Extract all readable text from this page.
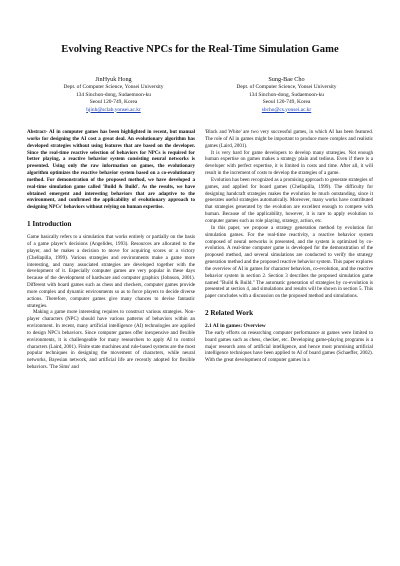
Evolving Reactive NPCs for the Real-Time Simulation Game
JinHyuk Hong
Dept. of Computer Science, Yonsei University
134 Sinchon-dong, Sudaemoon-ku
Seoul 120-749, Korea
hjinh@sclab.yonsei.ac.kr
Sung-Bae Cho
Dept. of Computer Science, Yonsei University
134 Sinchon-dong, Sudaemoon-ku
Seoul 120-749, Korea
sbcho@cs.yonsei.ac.kr

Abstract- AI in computer games has been highlighted in recent, but manual works for designing the AI cost a great deal. An evolutionary algorithm has developed strategies without using features that are based on the developer. Since the real-time reactive selection of behaviors for NPCs is required for better playing, a reactive behavior system consisting neural networks is presented. Using only the raw information on games, the evolutionary algorithm optimizes the reactive behavior system based on a co-evolutionary method. For demonstration of the proposed method, we have developed a real-time simulation game called 'Build & Build'. As the results, we have obtained emergent and interesting behaviors that are adaptive to the environment, and confirmed the applicability of evolutionary approach to designing NPCs' behaviors without relying on human expertise.

1 Introduction

Game basically refers to a simulation that works entirely or partially on the basis of a game player's decisions (Angelides, 1993). Resources are allocated to the player, and he makes a decision to move for acquiring scores or a victory (Chellapilla, 1999). Various strategies and environments make a game more interesting, and many associated strategies are developed together with the development of it. Especially computer games are very popular in these days because of the development of hardware and computer graphics (Johnson, 2001). Different with board games such as chess and checkers, computer games provide more complex and dynamic environments so as to force players to decide diverse actions. Therefore, computer games give many chances to devise fantastic strategies.

Making a game more interesting requires to construct various strategies. Non-player characters (NPC) should have various patterns of behaviors within an environment. In recent, many artificial intelligence (AI) technologies are applied to design NPC's behaviors. Since computer games offer inexpensive and flexible environments, it is challengeable for many researchers to apply AI to control characters (Laird, 2001). Finite state machines and rule-based systems are the most popular techniques in designing the movement of characters, while neural networks, Bayesian network, and artificial life are recently adopted for flexible behaviors. 'The Sims' and

'Black and White' are two very successful games, in which AI has been featured. The role of AI in games might be important to produce more complex and realistic games (Laird, 2001).

It is very hard for game developers to develop many strategies. Not enough human expertise on games makes a strategy plain and tedious. Even if there is a developer with perfect expertise, it is limited in costs and time. After all, it will result in the increment of costs to develop the strategies of a game.

Evolution has been recognized as a promising approach to generate strategies of games, and applied for board games (Chellapilla, 1999). The difficulty for designing handcraft strategies makes the evolution be much outstanding, since it generates useful strategies automatically. Moreover, many works have contributed that strategies generated by the evolution are excellent enough to compete with human. Because of the applicability, however, it is rare to apply evolution to computer games such as role playing, strategy, action, etc.

In this paper, we propose a strategy generation method by evolution for simulation games. For the real-time reactivity, a reactive behavior system composed of neural networks is presented, and the system is optimized by co-evolution. A real-time computer game is developed for the demonstration of the proposed method, and several simulations are conducted to verify the strategy generation method and the proposed reactive behavior system. This paper explores the overview of AI in games for character behaviors, co-evolution, and the reactive behavior system in section 2. Section 3 describes the proposed simulation game named "Build & Build." The automatic generation of strategies by co-evolution is presented at section 4, and simulations and results will be shown in section 5. This paper concludes with a discussion on the proposed method and simulations.

2 Related Work
2.1 AI in games: Overview

The early efforts on researching computer performance at games were limited to board games such as chess, checker, etc. Developing game-playing programs is a major research area of artificial intelligence, and hence most promising artificial intelligence techniques have been applied to AI of board games (Schaeffer, 2002). With the great development of computer games in a
